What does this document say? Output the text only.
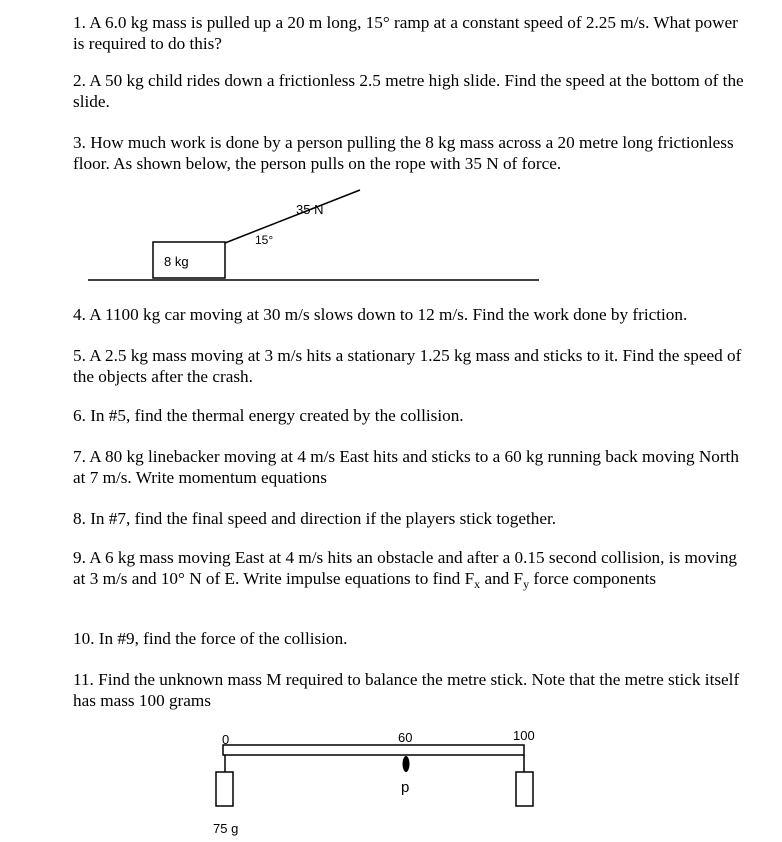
1. A 6.0 kg mass is pulled up a 20 m long, 15° ramp at a constant speed of 2.25 m/s. What power is required to do this?

2. A 50 kg child rides down a frictionless 2.5 metre high slide. Find the speed at the bottom of the slide.

3. How much work is done by a person pulling the 8 kg mass across a 20 metre long frictionless floor. As shown below, the person pulls on the rope with 35 N of force.

8 kg
35 N
15°
0	60	100
p
75 g

4. A 1100 kg car moving at 30 m/s slows down to 12 m/s. Find the work done by friction.

5. A 2.5 kg mass moving at 3 m/s hits a stationary 1.25 kg mass and sticks to it. Find the speed of the objects after the crash.

6. In #5, find the thermal energy created by the collision.

7. A 80 kg linebacker moving at 4 m/s East hits and sticks to a 60 kg running back moving North at 7 m/s. Write momentum equations

8. In #7, find the final speed and direction if the players stick together.

9. A 6 kg mass moving East at 4 m/s hits an obstacle and after a 0.15 second collision, is moving at 3 m/s and 10° N of E. Write impulse equations to find $F_x$ and $F_y$ force components

10. In #9, find the force of the collision.

11. Find the unknown mass M required to balance the metre stick. Note that the metre stick itself has mass 100 grams
